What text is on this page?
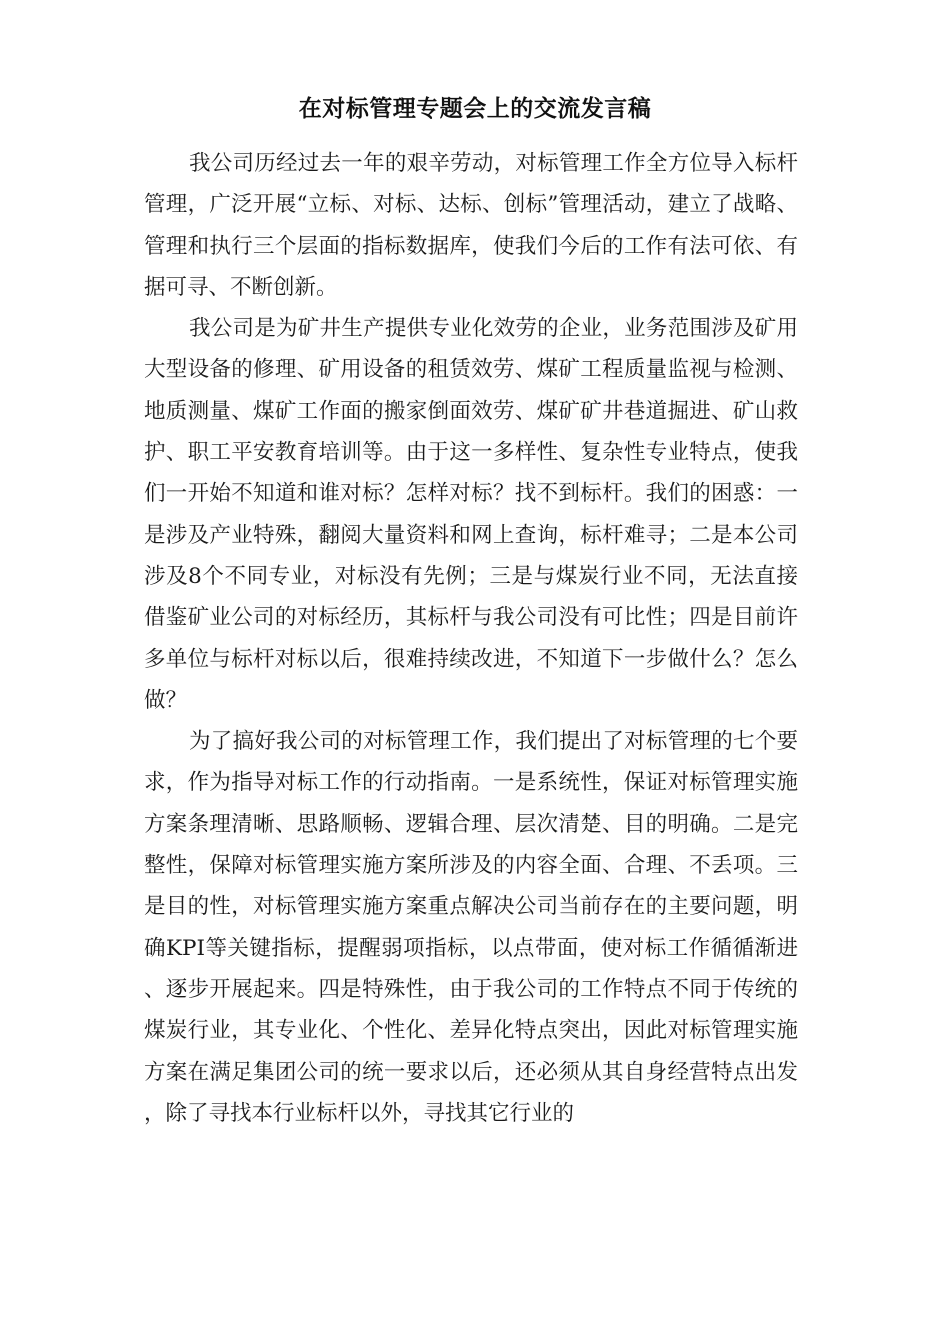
在对标管理专题会上的交流发言稿

我公司历经过去一年的艰辛劳动，对标管理工作全方位导入标杆管理，广泛开展“立标、对标、达标、创标”管理活动，建立了战略、管理和执行三个层面的指标数据库，使我们今后的工作有法可依、有据可寻、不断创新。

我公司是为矿井生产提供专业化效劳的企业，业务范围涉及矿用大型设备的修理、矿用设备的租赁效劳、煤矿工程质量监视与检测、地质测量、煤矿工作面的搬家倒面效劳、煤矿矿井巷道掘进、矿山救护、职工平安教育培训等。由于这一多样性、复杂性专业特点，使我们一开始不知道和谁对标？怎样对标？找不到标杆。我们的困惑：一是涉及产业特殊，翻阅大量资料和网上查询，标杆难寻；二是本公司涉及8个不同专业，对标没有先例；三是与煤炭行业不同，无法直接借鉴矿业公司的对标经历，其标杆与我公司没有可比性；四是目前许多单位与标杆对标以后，很难持续改进，不知道下一步做什么？怎么做？

为了搞好我公司的对标管理工作，我们提出了对标管理的七个要求，作为指导对标工作的行动指南。一是系统性，保证对标管理实施方案条理清晰、思路顺畅、逻辑合理、层次清楚、目的明确。二是完整性，保障对标管理实施方案所涉及的内容全面、合理、不丢项。三是目的性，对标管理实施方案重点解决公司当前存在的主要问题，明确KPI等关键指标，提醒弱项指标，以点带面，使对标工作循循渐进、逐步开展起来。四是特殊性，由于我公司的工作特点不同于传统的煤炭行业，其专业化、个性化、差异化特点突出，因此对标管理实施方案在满足集团公司的统一要求以后，还必须从其自身经营特点出发，除了寻找本行业标杆以外，寻找其它行业的
